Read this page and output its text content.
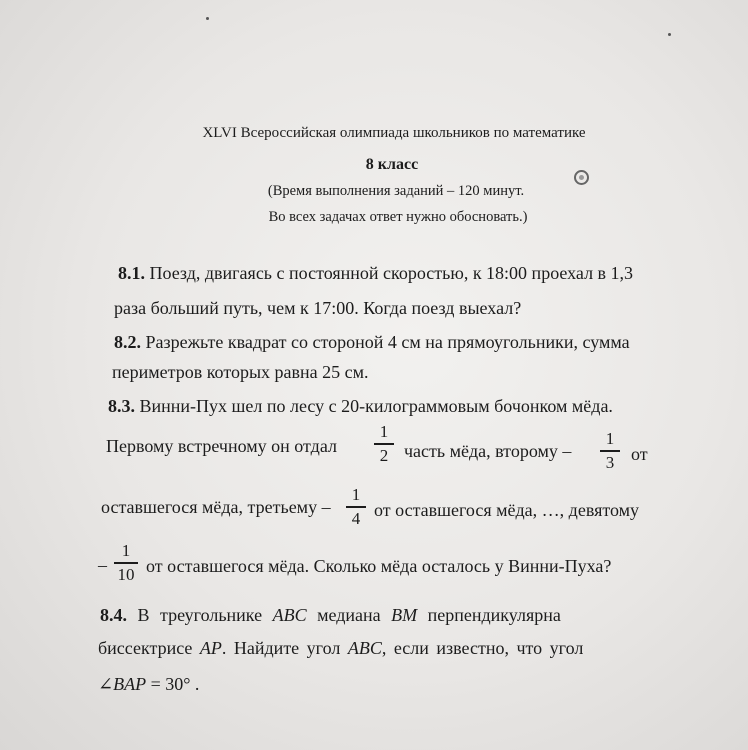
XLVI Всероссийская олимпиада школьников по математике
8 класс
(Время выполнения заданий – 120 минут.
Во всех задачах ответ нужно обосновать.)
8.1. Поезд, двигаясь с постоянной скоростью, к 18:00 проехал в 1,3
раза больший путь, чем к 17:00. Когда поезд выехал?
8.2. Разрежьте квадрат со стороной 4 см на прямоугольники, сумма
периметров которых равна 25 см.
8.3. Винни-Пух шел по лесу с 20-килограммовым бочонком мёда.
Первому встречному он отдал
1
2 часть мёда, второму –
1
3 от
оставшегося мёда, третьему –
1
4 от оставшегося мёда, …, девятому
–
1
10 от оставшегося мёда. Сколько мёда осталось у Винни-Пуха?
8.4. В треугольнике ABC медиана BM перпендикулярна
биссектрисе AP. Найдите угол ABC, если известно, что угол
∠BAP = 30° .
